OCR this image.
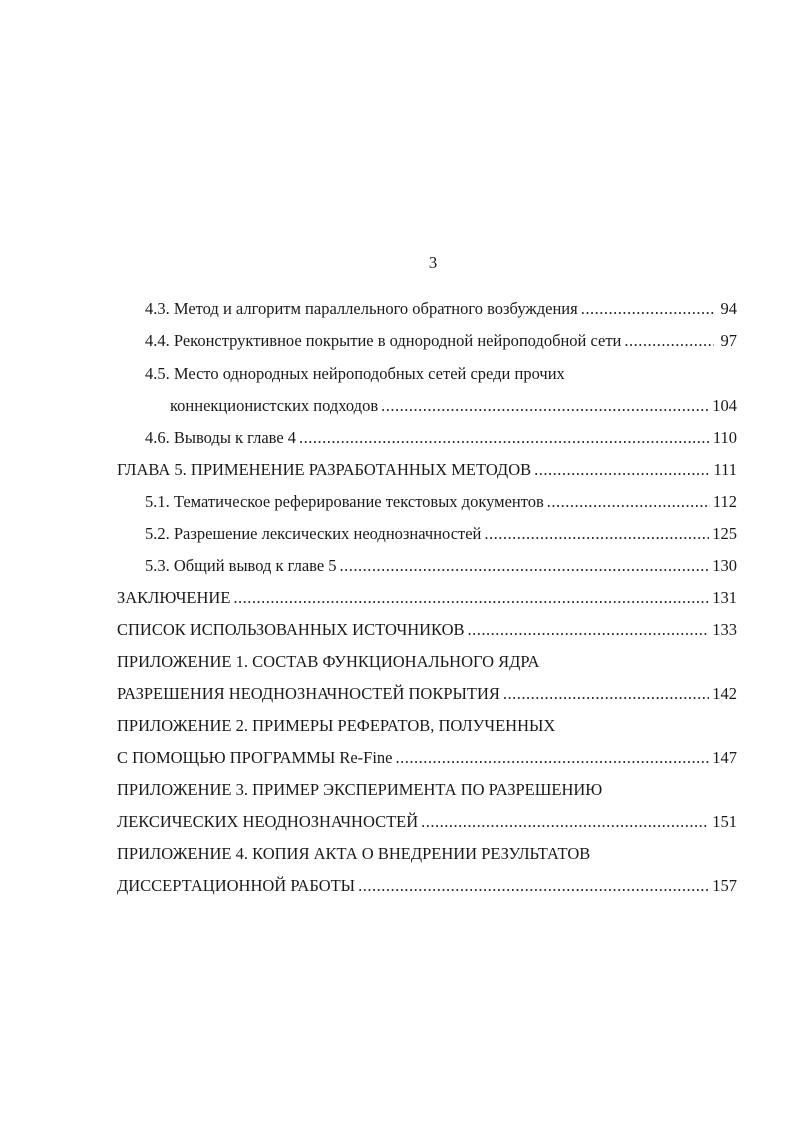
3
4.3. Метод и алгоритм параллельного обратного возбуждения .....	94
4.4. Реконструктивное покрытие в однородной нейроподобной сети .....	97
4.5. Место однородных нейроподобных сетей среди прочих
коннекционистских подходов .....	104
4.6. Выводы к главе 4 .....	110
ГЛАВА 5. ПРИМЕНЕНИЕ РАЗРАБОТАННЫХ МЕТОДОВ .....	111
5.1. Тематическое реферирование текстовых документов .....	112
5.2. Разрешение лексических неоднозначностей .....	125
5.3. Общий вывод к главе 5 .....	130
ЗАКЛЮЧЕНИЕ .....	131
СПИСОК ИСПОЛЬЗОВАННЫХ ИСТОЧНИКОВ .....	133
ПРИЛОЖЕНИЕ 1. СОСТАВ ФУНКЦИОНАЛЬНОГО ЯДРА
РАЗРЕШЕНИЯ НЕОДНОЗНАЧНОСТЕЙ ПОКРЫТИЯ .....	142
ПРИЛОЖЕНИЕ 2. ПРИМЕРЫ РЕФЕРАТОВ, ПОЛУЧЕННЫХ
С ПОМОЩЬЮ ПРОГРАММЫ Re-Fine .....	147
ПРИЛОЖЕНИЕ 3. ПРИМЕР ЭКСПЕРИМЕНТА ПО РАЗРЕШЕНИЮ
ЛЕКСИЧЕСКИХ НЕОДНОЗНАЧНОСТЕЙ .....	151
ПРИЛОЖЕНИЕ 4. КОПИЯ АКТА О ВНЕДРЕНИИ РЕЗУЛЬТАТОВ
ДИССЕРТАЦИОННОЙ РАБОТЫ .....	157
